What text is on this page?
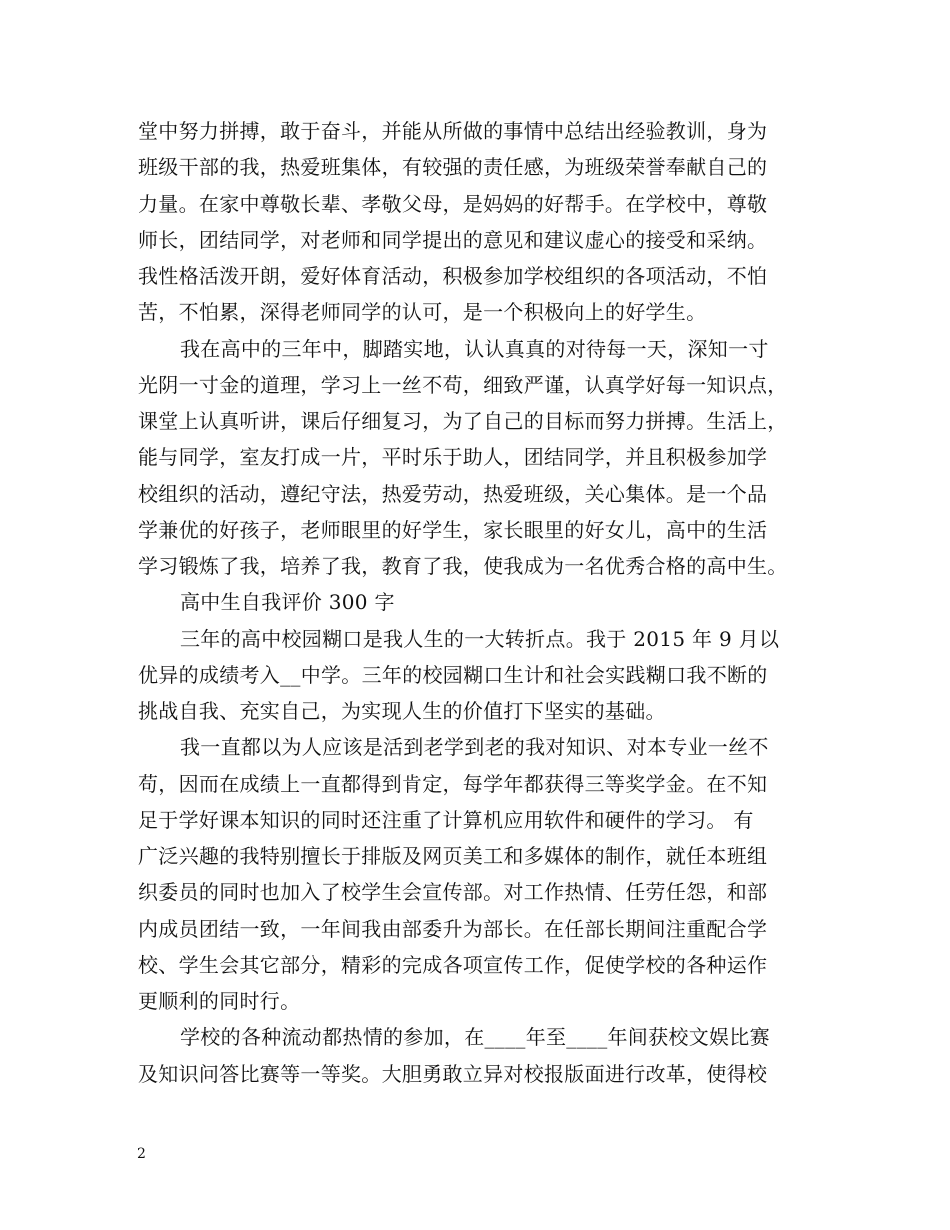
堂中努力拼搏，敢于奋斗，并能从所做的事情中总结出经验教训，身为
班级干部的我，热爱班集体，有较强的责任感，为班级荣誉奉献自己的
力量。在家中尊敬长辈、孝敬父母，是妈妈的好帮手。在学校中，尊敬
师长，团结同学，对老师和同学提出的意见和建议虚心的接受和采纳。
我性格活泼开朗，爱好体育活动，积极参加学校组织的各项活动，不怕
苦，不怕累，深得老师同学的认可，是一个积极向上的好学生。
我在高中的三年中，脚踏实地，认认真真的对待每一天，深知一寸
光阴一寸金的道理，学习上一丝不苟，细致严谨，认真学好每一知识点，
课堂上认真听讲，课后仔细复习，为了自己的目标而努力拼搏。生活上，
能与同学，室友打成一片，平时乐于助人，团结同学，并且积极参加学
校组织的活动，遵纪守法，热爱劳动，热爱班级，关心集体。是一个品
学兼优的好孩子，老师眼里的好学生，家长眼里的好女儿，高中的生活
学习锻炼了我，培养了我，教育了我，使我成为一名优秀合格的高中生。
高中生自我评价 300 字
三年的高中校园糊口是我人生的一大转折点。我于 2015 年 9 月以
优异的成绩考入__中学。三年的校园糊口生计和社会实践糊口我不断的
挑战自我、充实自己，为实现人生的价值打下坚实的基础。
我一直都以为人应该是活到老学到老的我对知识、对本专业一丝不
苟，因而在成绩上一直都得到肯定，每学年都获得三等奖学金。在不知
足于学好课本知识的同时还注重了计算机应用软件和硬件的学习。 有
广泛兴趣的我特别擅长于排版及网页美工和多媒体的制作，就任本班组
织委员的同时也加入了校学生会宣传部。对工作热情、任劳任怨，和部
内成员团结一致，一年间我由部委升为部长。在任部长期间注重配合学
校、学生会其它部分，精彩的完成各项宣传工作，促使学校的各种运作
更顺利的同时行。
学校的各种流动都热情的参加，在____年至____年间获校文娱比赛
及知识问答比赛等一等奖。大胆勇敢立异对校报版面进行改革，使得校
2
